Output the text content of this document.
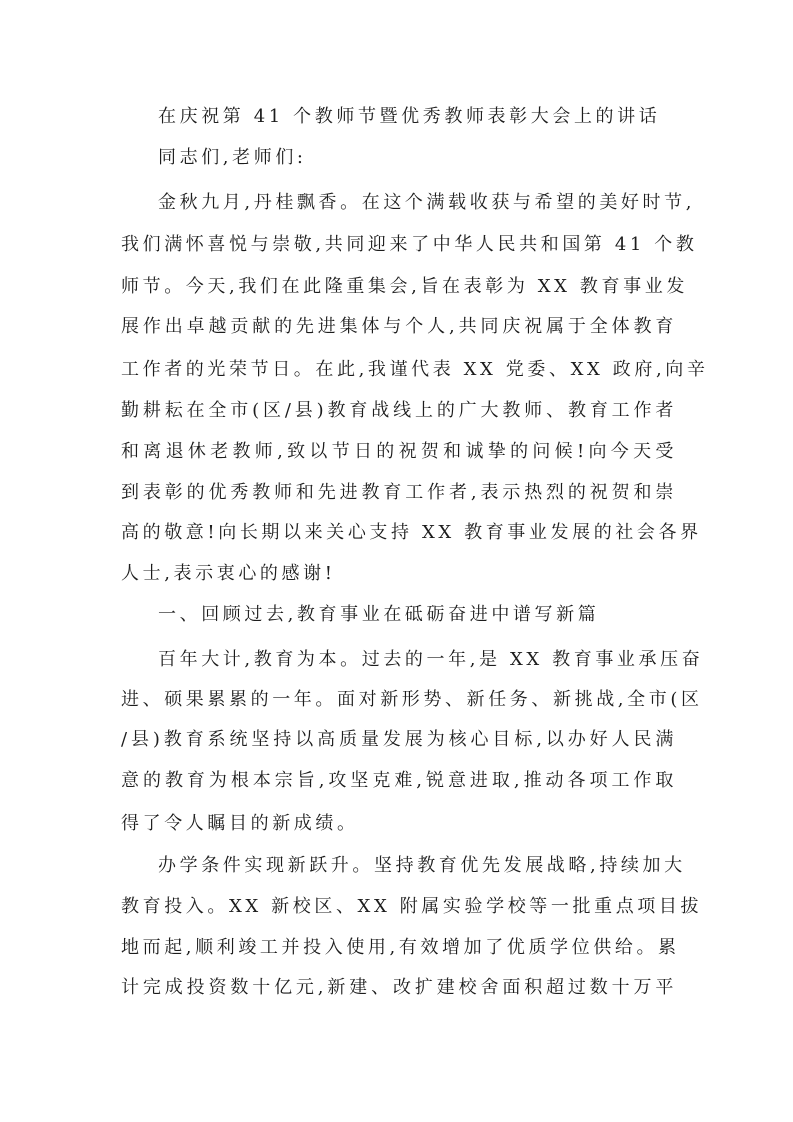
在庆祝第 41 个教师节暨优秀教师表彰大会上的讲话
同志们,老师们:
金秋九月,丹桂飘香。在这个满载收获与希望的美好时节,
我们满怀喜悦与崇敬,共同迎来了中华人民共和国第 41 个教
师节。今天,我们在此隆重集会,旨在表彰为 XX 教育事业发
展作出卓越贡献的先进集体与个人,共同庆祝属于全体教育
工作者的光荣节日。在此,我谨代表 XX 党委、XX 政府,向辛
勤耕耘在全市(区/县)教育战线上的广大教师、教育工作者
和离退休老教师,致以节日的祝贺和诚挚的问候!向今天受
到表彰的优秀教师和先进教育工作者,表示热烈的祝贺和崇
高的敬意!向长期以来关心支持 XX 教育事业发展的社会各界
人士,表示衷心的感谢!
一、回顾过去,教育事业在砥砺奋进中谱写新篇
百年大计,教育为本。过去的一年,是 XX 教育事业承压奋
进、硕果累累的一年。面对新形势、新任务、新挑战,全市(区
/县)教育系统坚持以高质量发展为核心目标,以办好人民满
意的教育为根本宗旨,攻坚克难,锐意进取,推动各项工作取
得了令人瞩目的新成绩。
办学条件实现新跃升。坚持教育优先发展战略,持续加大
教育投入。XX 新校区、XX 附属实验学校等一批重点项目拔
地而起,顺利竣工并投入使用,有效增加了优质学位供给。累
计完成投资数十亿元,新建、改扩建校舍面积超过数十万平
